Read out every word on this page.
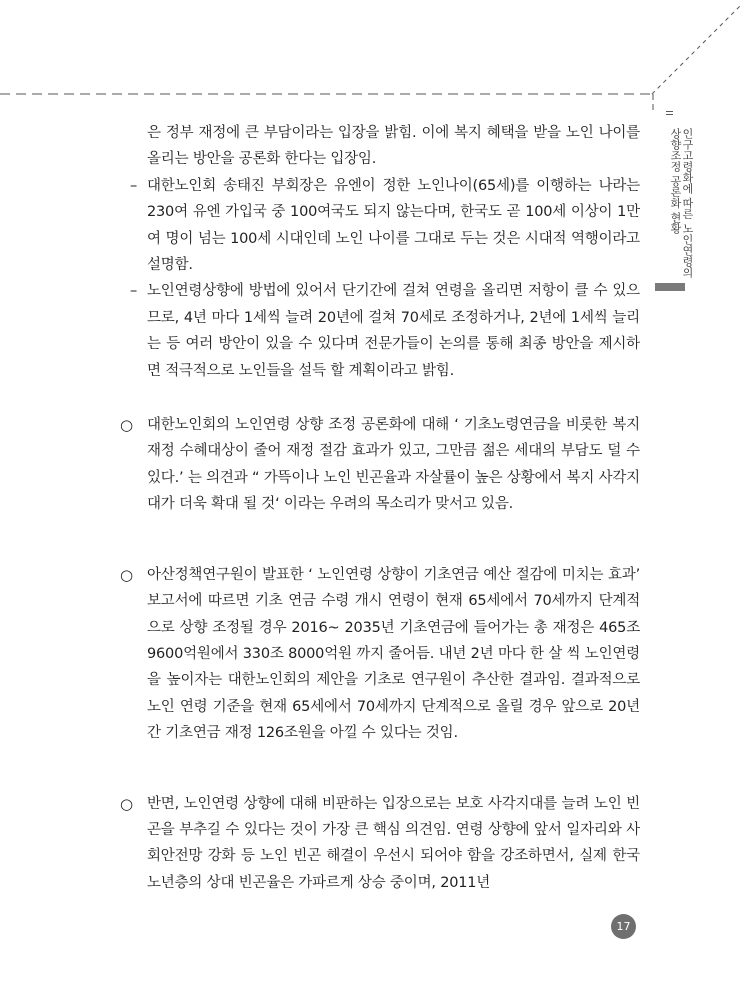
II
인구고령화에 따른 노인연령의 상향조정 공론화 현황
은 정부 재정에 큰 부담이라는 입장을 밝힘. 이에 복지 혜택을 받을 노인 나이를 올리는 방안을 공론화 한다는 입장임.
– 대한노인회 송태진 부회장은 유엔이 정한 노인나이(65세)를 이행하는 나라는 230여 유엔 가입국 중 100여국도 되지 않는다며, 한국도 곧 100세 이상이 1만여 명이 넘는 100세 시대인데 노인 나이를 그대로 두는 것은 시대적 역행이라고 설명함.
– 노인연령상향에 방법에 있어서 단기간에 걸쳐 연령을 올리면 저항이 클 수 있으므로, 4년 마다 1세씩 늘려 20년에 걸쳐 70세로 조정하거나, 2년에 1세씩 늘리는 등 여러 방안이 있을 수 있다며 전문가들이 논의를 통해 최종 방안을 제시하면 적극적으로 노인들을 설득 할 계획이라고 밝힘.
○ 대한노인회의 노인연령 상향 조정 공론화에 대해 ‘ 기초노령연금을 비롯한 복지 재정 수혜대상이 줄어 재정 절감 효과가 있고, 그만큼 젊은 세대의 부담도 덜 수 있다.’ 는 의견과 “ 가뜩이나 노인 빈곤율과 자살률이 높은 상황에서 복지 사각지대가 더욱 확대 될 것‘ 이라는 우려의 목소리가 맞서고 있음.
○ 아산정책연구원이 발표한 ‘ 노인연령 상향이 기초연금 예산 절감에 미치는 효과’ 보고서에 따르면 기초 연금 수령 개시 연령이 현재 65세에서 70세까지 단계적으로 상향 조정될 경우 2016~ 2035년 기초연금에 들어가는 총 재정은 465조 9600억원에서 330조 8000억원 까지 줄어듬. 내년 2년 마다 한 살 씩 노인연령을 높이자는 대한노인회의 제안을 기초로 연구원이 추산한 결과임. 결과적으로 노인 연령 기준을 현재 65세에서 70세까지 단계적으로 올릴 경우 앞으로 20년간 기초연금 재정 126조원을 아낄 수 있다는 것임.
○ 반면, 노인연령 상향에 대해 비판하는 입장으로는 보호 사각지대를 늘려 노인 빈곤을 부추길 수 있다는 것이 가장 큰 핵심 의견임. 연령 상향에 앞서 일자리와 사회안전망 강화 등 노인 빈곤 해결이 우선시 되어야 함을 강조하면서, 실제 한국 노년층의 상대 빈곤율은 가파르게 상승 중이며, 2011년
17
